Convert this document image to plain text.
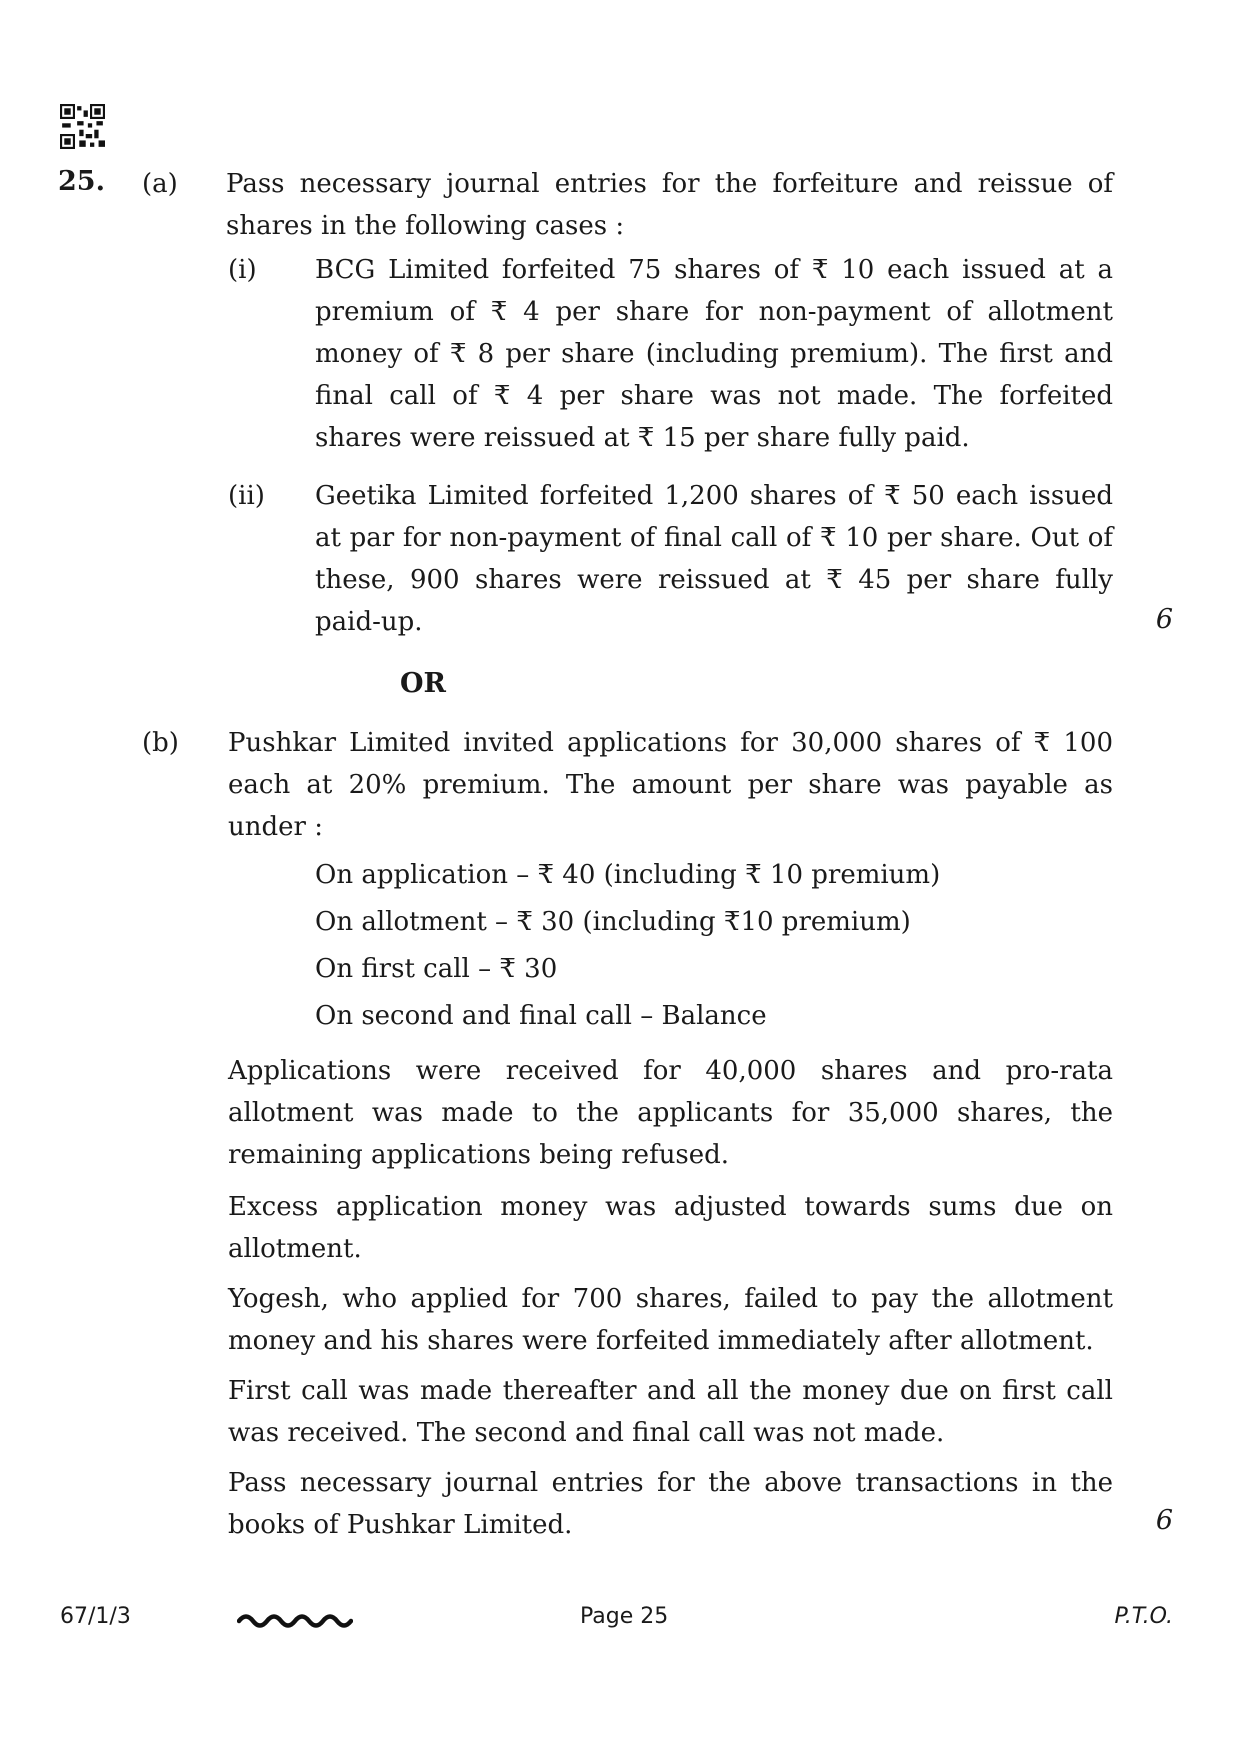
25. (a) Pass necessary journal entries for the forfeiture and reissue of shares in the following cases :
(i) BCG Limited forfeited 75 shares of ₹ 10 each issued at a premium of ₹ 4 per share for non-payment of allotment money of ₹ 8 per share (including premium). The first and final call of ₹ 4 per share was not made. The forfeited shares were reissued at ₹ 15 per share fully paid.
(ii) Geetika Limited forfeited 1,200 shares of ₹ 50 each issued at par for non-payment of final call of ₹ 10 per share. Out of these, 900 shares were reissued at ₹ 45 per share fully paid-up.	6
OR
(b) Pushkar Limited invited applications for 30,000 shares of ₹ 100 each at 20% premium. The amount per share was payable as under :
On application – ₹ 40 (including ₹ 10 premium)
On allotment – ₹ 30 (including ₹10 premium)
On first call – ₹ 30
On second and final call – Balance
Applications were received for 40,000 shares and pro-rata allotment was made to the applicants for 35,000 shares, the remaining applications being refused.
Excess application money was adjusted towards sums due on allotment.
Yogesh, who applied for 700 shares, failed to pay the allotment money and his shares were forfeited immediately after allotment.
First call was made thereafter and all the money due on first call was received. The second and final call was not made.
Pass necessary journal entries for the above transactions in the books of Pushkar Limited.	6
67/1/3	Page 25	P.T.O.
